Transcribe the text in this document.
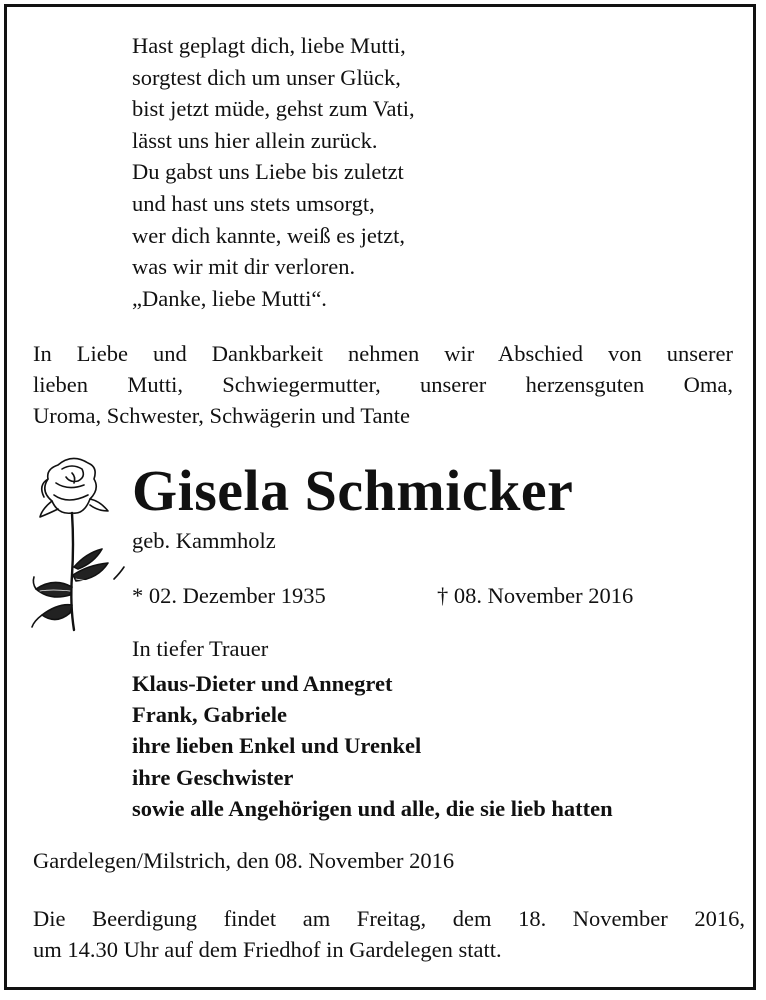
Hast geplagt dich, liebe Mutti,
sorgtest dich um unser Glück,
bist jetzt müde, gehst zum Vati,
lässt uns hier allein zurück.
Du gabst uns Liebe bis zuletzt
und hast uns stets umsorgt,
wer dich kannte, weiß es jetzt,
was wir mit dir verloren.
„Danke, liebe Mutti“.
In Liebe und Dankbarkeit nehmen wir Abschied von unserer
lieben Mutti, Schwiegermutter, unserer herzensguten Oma,
Uroma, Schwester, Schwägerin und Tante
Gisela Schmicker
geb. Kammholz
* 02. Dezember 1935	† 08. November 2016
In tiefer Trauer
Klaus-Dieter und Annegret
Frank, Gabriele
ihre lieben Enkel und Urenkel
ihre Geschwister
sowie alle Angehörigen und alle, die sie lieb hatten
Gardelegen/Milstrich, den 08. November 2016
Die Beerdigung findet am Freitag, dem 18. November 2016,
um 14.30 Uhr auf dem Friedhof in Gardelegen statt.
